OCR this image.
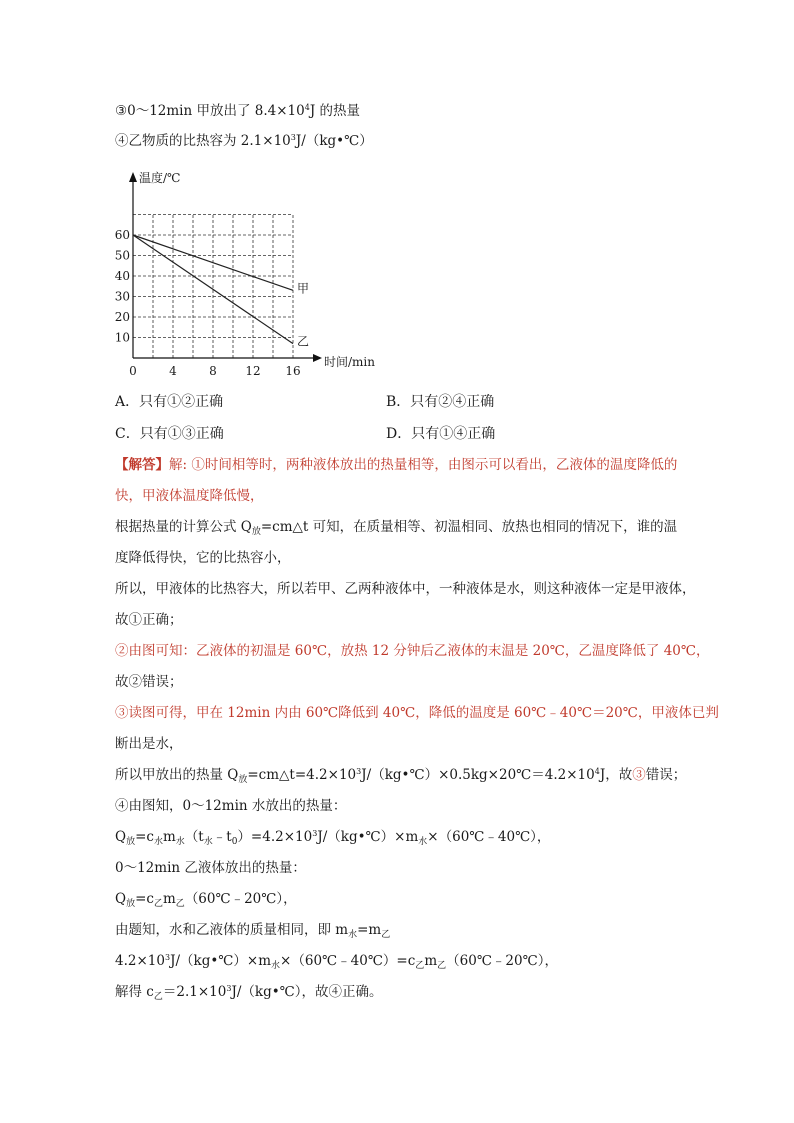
③0～12min 甲放出了 $8.4\times 10^4J$ 的热量
④乙物质的比热容为 $2.1\times 10^3J/(kg•℃)$
甲
乙
0	4	8 12 16
10
20
30
40
50
60
温度/℃
时间/min
A．只有①②正确	B．只有②④正确
C．只有①③正确	D．只有①④正确
【解答】解: ①时间相等时，两种液体放出的热量相等，由图示可以看出，乙液体的温度降低的
快，甲液体温度降低慢，
根据热量的计算公式 $Q_放=cm\triangle t$ 可知，在质量相等、初温相同、放热也相同的情况下，谁的温
度降低得快，它的比热容小，
所以，甲液体的比热容大，所以若甲、乙两种液体中，一种液体是水，则这种液体一定是甲液体，
故①正确；
②由图可知：乙液体的初温是 60℃，放热 12 分钟后乙液体的末温是 20℃，乙温度降低了 40℃，
故②错误；
③读图可得，甲在 12min 内由 60℃降低到 40℃，降低的温度是 60℃﹣40℃＝20℃，甲液体已判
断出是水，
所以甲放出的热量 $Q_放=cm\triangle t=4.2\times 10^3J/(kg•℃)\times 0.5kg\times 20℃=4.2\times 10^4J$，故③错误；
④由图知，0～12min 水放出的热量：
$Q_放=c_水m_水(t_水﹣t_0)=4.2\times 10^3J/(kg•℃)\times m_水\times(60℃﹣40℃)$，
0～12min 乙液体放出的热量：
$Q_放=c_乙m_乙(60℃﹣20℃)$，
由题知，水和乙液体的质量相同，即 $m_水=m_乙$
$4.2\times 10^3J/(kg•℃)\times m_水\times(60℃﹣40℃)=c_乙m_乙(60℃﹣20℃)$，
解得 $c_乙=2.1\times 10^3J/(kg•℃)$，故④正确。
